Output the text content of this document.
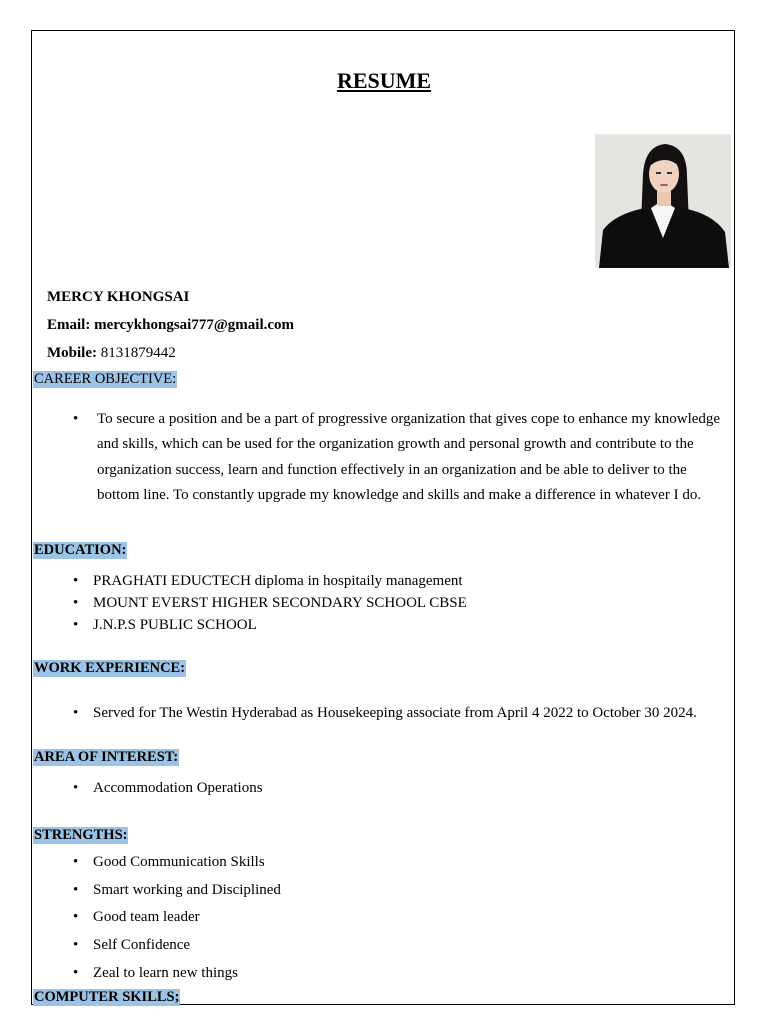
RESUME
MERCY KHONGSAI
Email: mercykhongsai777@gmail.com
Mobile: 8131879442
CAREER OBJECTIVE:
• To secure a position and be a part of progressive organization that gives cope to enhance my knowledge and skills, which can be used for the organization growth and personal growth and contribute to the organization success, learn and function effectively in an organization and be able to deliver to the bottom line. To constantly upgrade my knowledge and skills and make a difference in whatever I do.
EDUCATION:
• PRAGHATI EDUCTECH diploma in hospitaily management
• MOUNT EVERST HIGHER SECONDARY SCHOOL CBSE
• J.N.P.S PUBLIC SCHOOL
WORK EXPERIENCE:
• Served for The Westin Hyderabad as Housekeeping associate from April 4 2022 to October 30 2024.
AREA OF INTEREST:
• Accommodation Operations
STRENGTHS:
• Good Communication Skills
• Smart working and Disciplined
• Good team leader
• Self Confidence
• Zeal to learn new things
COMPUTER SKILLS;
